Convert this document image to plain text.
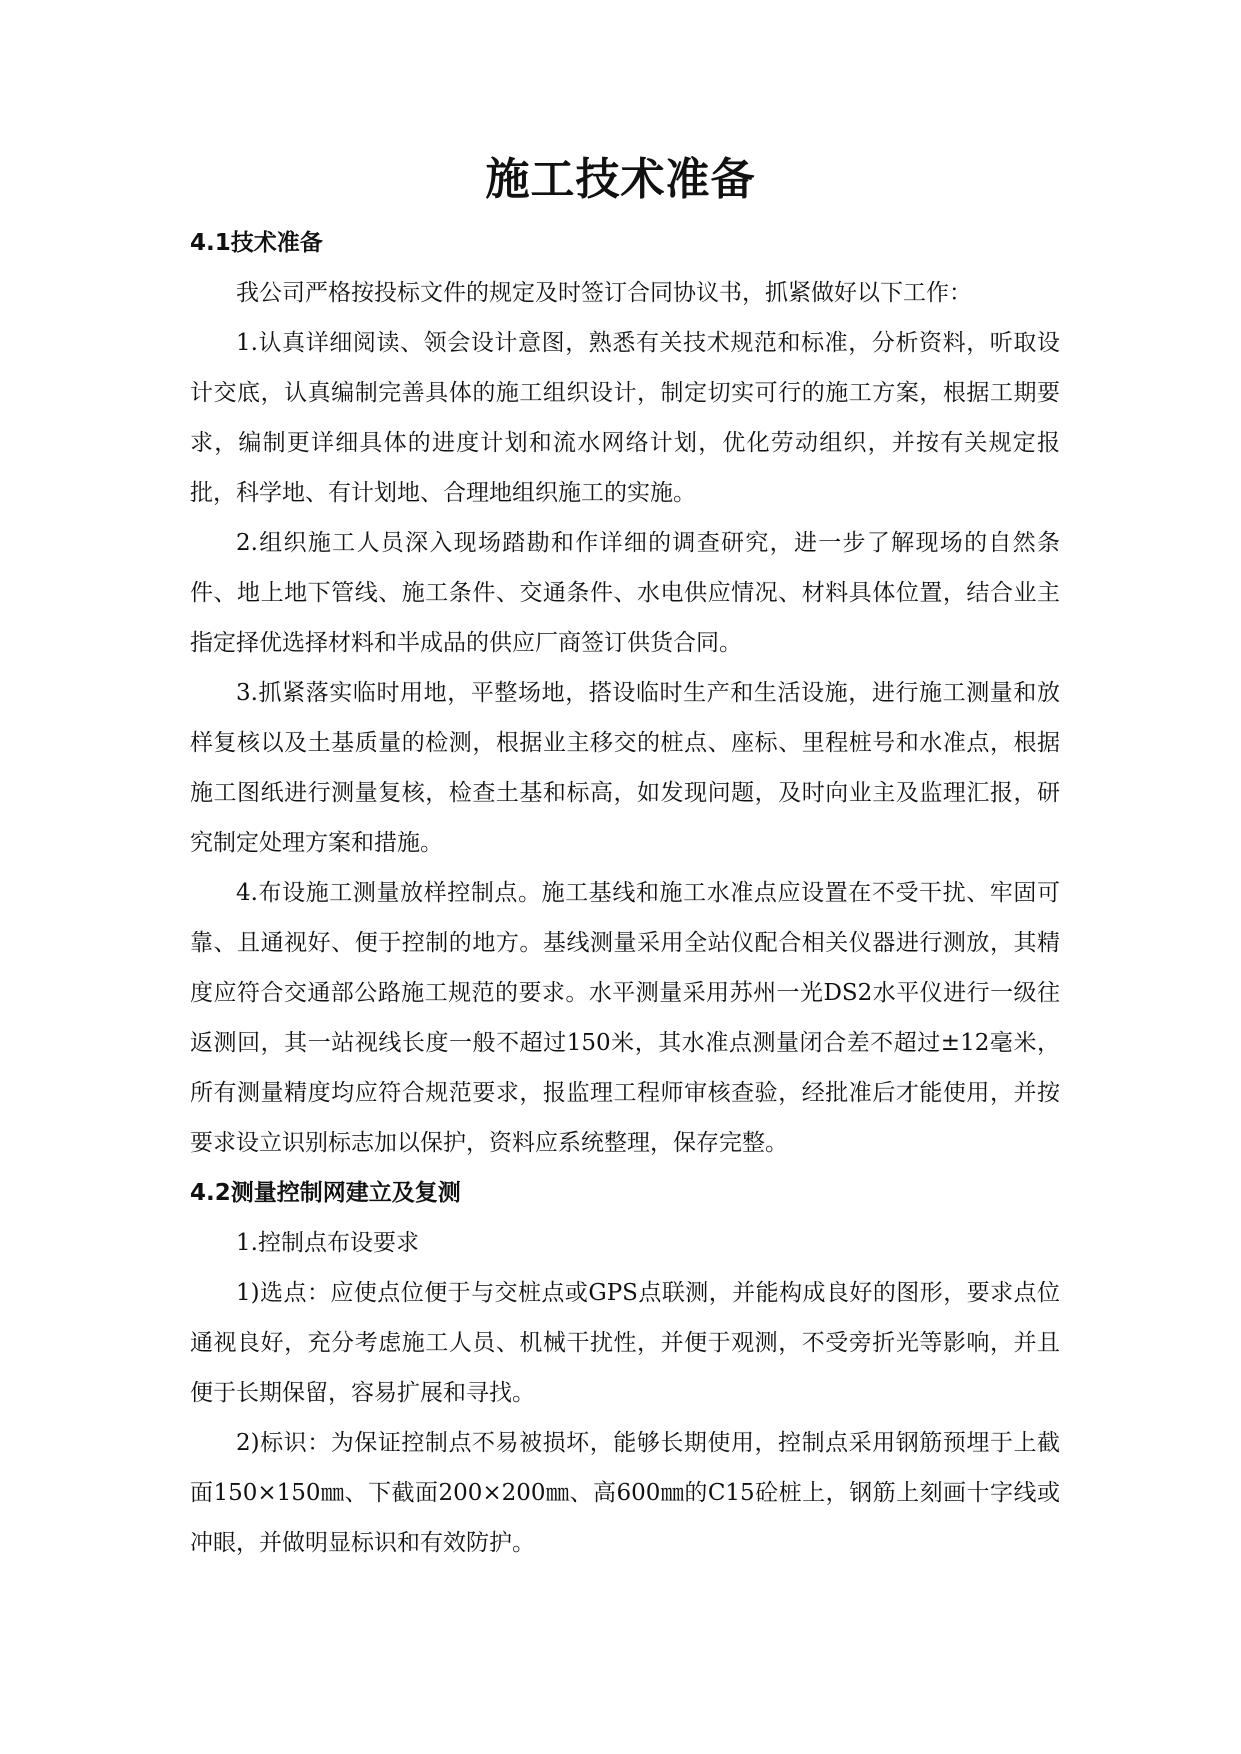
施工技术准备

4.1技术准备

我公司严格按投标文件的规定及时签订合同协议书，抓紧做好以下工作：

1.认真详细阅读、领会设计意图，熟悉有关技术规范和标准，分析资料，听取设计交底，认真编制完善具体的施工组织设计，制定切实可行的施工方案，根据工期要求，编制更详细具体的进度计划和流水网络计划，优化劳动组织，并按有关规定报批，科学地、有计划地、合理地组织施工的实施。

2.组织施工人员深入现场踏勘和作详细的调查研究，进一步了解现场的自然条件、地上地下管线、施工条件、交通条件、水电供应情况、材料具体位置，结合业主指定择优选择材料和半成品的供应厂商签订供货合同。

3.抓紧落实临时用地，平整场地，搭设临时生产和生活设施，进行施工测量和放样复核以及土基质量的检测，根据业主移交的桩点、座标、里程桩号和水准点，根据施工图纸进行测量复核，检查土基和标高，如发现问题，及时向业主及监理汇报，研究制定处理方案和措施。

4.布设施工测量放样控制点。施工基线和施工水准点应设置在不受干扰、牢固可靠、且通视好、便于控制的地方。基线测量采用全站仪配合相关仪器进行测放，其精度应符合交通部公路施工规范的要求。水平测量采用苏州一光DS2水平仪进行一级往返测回，其一站视线长度一般不超过150米，其水准点测量闭合差不超过±12毫米，所有测量精度均应符合规范要求，报监理工程师审核查验，经批准后才能使用，并按要求设立识别标志加以保护，资料应系统整理，保存完整。

4.2测量控制网建立及复测

1.控制点布设要求

1)选点：应使点位便于与交桩点或GPS点联测，并能构成良好的图形，要求点位通视良好，充分考虑施工人员、机械干扰性，并便于观测，不受旁折光等影响，并且便于长期保留，容易扩展和寻找。

2)标识：为保证控制点不易被损坏，能够长期使用，控制点采用钢筋预埋于上截面150×150㎜、下截面200×200㎜、高600㎜的C15砼桩上，钢筋上刻画十字线或冲眼，并做明显标识和有效防护。
